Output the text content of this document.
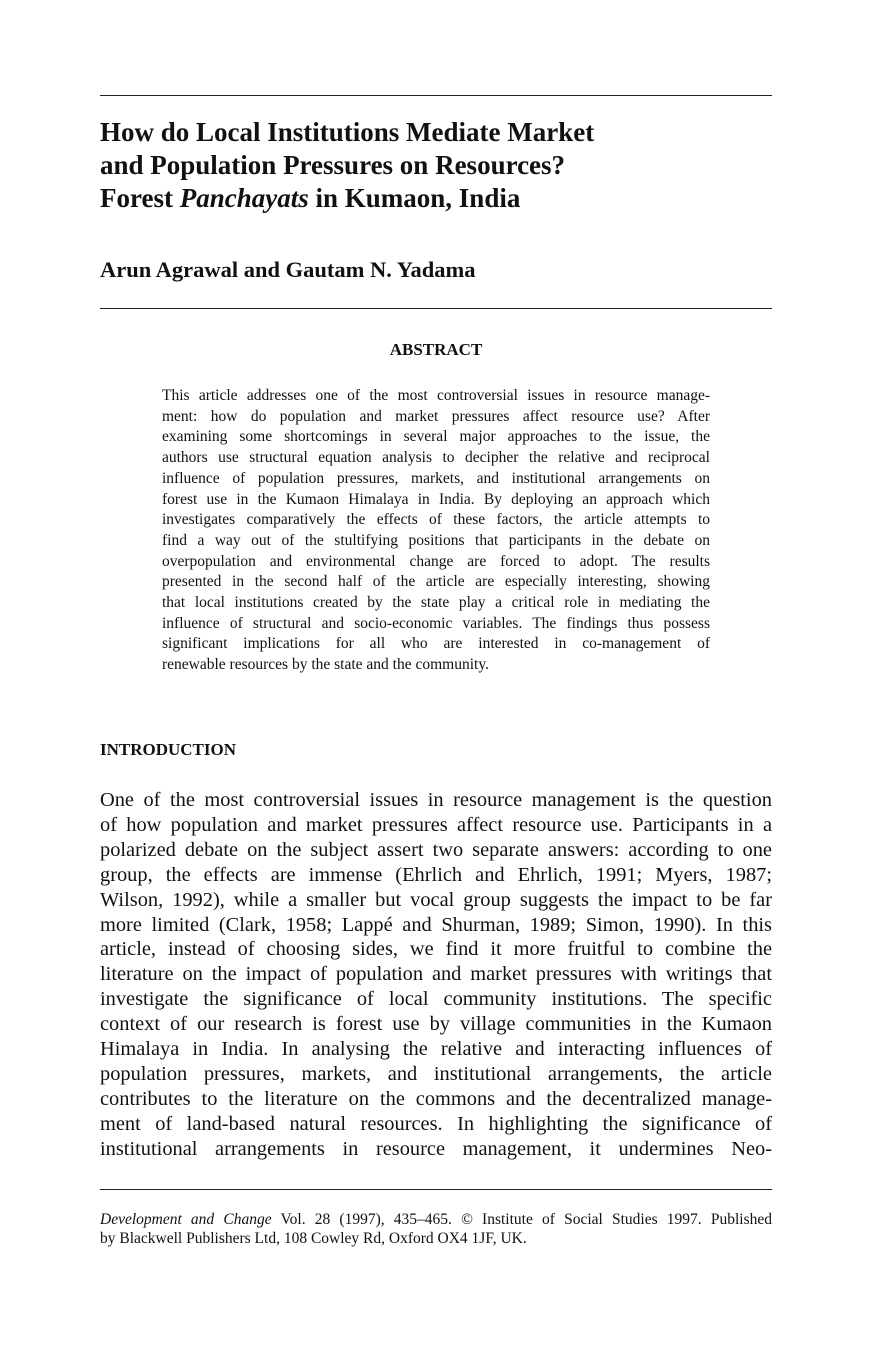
How do Local Institutions Mediate Market
and Population Pressures on Resources?
Forest Panchayats in Kumaon, India
Arun Agrawal and Gautam N. Yadama
ABSTRACT

This article addresses one of the most controversial issues in resource manage-
ment: how do population and market pressures affect resource use? After
examining some shortcomings in several major approaches to the issue, the
authors use structural equation analysis to decipher the relative and reciprocal
influence of population pressures, markets, and institutional arrangements on
forest use in the Kumaon Himalaya in India. By deploying an approach which
investigates comparatively the effects of these factors, the article attempts to
find a way out of the stultifying positions that participants in the debate on
overpopulation and environmental change are forced to adopt. The results
presented in the second half of the article are especially interesting, showing
that local institutions created by the state play a critical role in mediating the
influence of structural and socio-economic variables. The findings thus possess
significant implications for all who are interested in co-management of
renewable resources by the state and the community.

INTRODUCTION

One of the most controversial issues in resource management is the question
of how population and market pressures affect resource use. Participants in a
polarized debate on the subject assert two separate answers: according to one
group, the effects are immense (Ehrlich and Ehrlich, 1991; Myers, 1987;
Wilson, 1992), while a smaller but vocal group suggests the impact to be far
more limited (Clark, 1958; Lappé and Shurman, 1989; Simon, 1990). In this
article, instead of choosing sides, we find it more fruitful to combine the
literature on the impact of population and market pressures with writings that
investigate the significance of local community institutions. The specific
context of our research is forest use by village communities in the Kumaon
Himalaya in India. In analysing the relative and interacting influences of
population pressures, markets, and institutional arrangements, the article
contributes to the literature on the commons and the decentralized manage-
ment of land-based natural resources. In highlighting the significance of
institutional arrangements in resource management, it undermines Neo-

Development and Change Vol. 28 (1997), 435–465. © Institute of Social Studies 1997. Published
by Blackwell Publishers Ltd, 108 Cowley Rd, Oxford OX4 1JF, UK.
